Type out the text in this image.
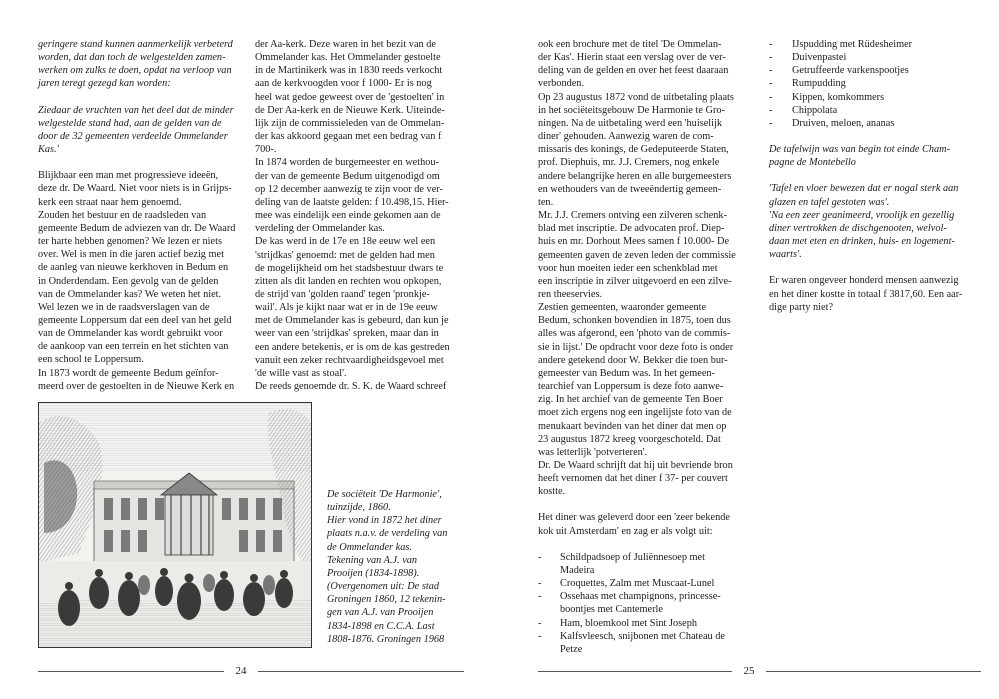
geringere stand kunnen aanmerkelijk verbeterd
worden, dat dan toch de welgestelden zamen-
werken om zulks te doen, opdat na verloop van
jaren teregt gezegd kan worden:
Ziedaar de vruchten van het deel dat de minder
welgestelde stand had, aan de gelden van de
door de 32 gemeenten verdeelde Ommelander
Kas.'
Blijkbaar een man met progressieve ideeën,
deze dr. De Waard. Niet voor niets is in Grijps-
kerk een straat naar hem genoemd.
Zouden het bestuur en de raadsleden van
gemeente Bedum de adviezen van dr. De Waard
ter harte hebben genomen? We lezen er niets
over. Wel is men in die jaren actief bezig met
de aanleg van nieuwe kerkhoven in Bedum en
in Onderdendam. Een gevolg van de gelden
van de Ommelander kas? We weten het niet.
Wel lezen we in de raadsverslagen van de
gemeente Loppersum dat een deel van het geld
van de Ommelander kas wordt gebruikt voor
de aankoop van een terrein en het stichten van
een school te Loppersum.
In 1873 wordt de gemeente Bedum geïnfor-
meerd over de gestoelten in de Nieuwe Kerk en
der Aa-kerk. Deze waren in het bezit van de
Ommelander kas. Het Ommelander gestoelte
in de Martinikerk was in 1830 reeds verkocht
aan de kerkvoogden voor f 1000- Er is nog
heel wat gedoe geweest over de 'gestoelten' in
de Der Aa-kerk en de Nieuwe Kerk. Uiteinde-
lijk zijn de commissieleden van de Ommelan-
der kas akkoord gegaan met een bedrag van f
700-.
In 1874 worden de burgemeester en wethou-
der van de gemeente Bedum uitgenodigd om
op 12 december aanwezig te zijn voor de ver-
deling van de laatste gelden: f 10.498,15. Hier-
mee was eindelijk een einde gekomen aan de
verdeling der Ommelander kas.
De kas werd in de 17e en 18e eeuw wel een
'strijdkas' genoemd: met de gelden had men
de mogelijkheid om het stadsbestuur dwars te
zitten als dit landen en rechten wou opkopen,
de strijd van 'golden raand' tegen 'pronkje-
wail'. Als je kijkt naar wat er in de 19e eeuw
met de Ommelander kas is gebeurd, dan kun je
weer van een 'strijdkas' spreken, maar dan in
een andere betekenis, er is om de kas gestreden
vanuit een zeker rechtvaardigheidsgevoel met
'de wille vast as stoal'.
De reeds genoemde dr. S. K. de Waard schreef
De sociëteit 'De Harmonie',
tuinzijde, 1860.
Hier vond in 1872 het diner
plaats n.a.v. de verdeling van
de Ommelander kas.
Tekening van A.J. van
Prooijen (1834-1898).
(Overgenomen uit: De stad
Groningen 1860, 12 tekenin-
gen van A.J. van Prooijen
1834-1898 en C.C.A. Last
1808-1876. Groningen 1968
24
ook een brochure met de titel 'De Ommelan-
der Kas'. Hierin staat een verslag over de ver-
deling van de gelden en over het feest daaraan
verbonden.
Op 23 augustus 1872 vond de uitbetaling plaats
in het sociëteitsgebouw De Harmonie te Gro-
ningen. Na de uitbetaling werd een 'huiselijk
diner' gehouden. Aanwezig waren de com-
missaris des konings, de Gedeputeerde Staten,
prof. Diephuis, mr. J.J. Cremers, nog enkele
andere belangrijke heren en alle burgemeesters
en wethouders van de tweeëndertig gemeen-
ten.
Mr. J.J. Cremers ontving een zilveren schenk-
blad met inscriptie. De advocaten prof. Diep-
huis en mr. Dorhout Mees samen f 10.000- De
gemeenten gaven de zeven leden der commissie
voor hun moeiten ieder een schenkblad met
een inscriptie in zilver uitgevoerd en een zilve-
ren theeservies.
Zestien gemeenten, waaronder gemeente
Bedum, schonken bovendien in 1875, toen dus
alles was afgerond, een 'photo van de commis-
sie in lijst.' De opdracht voor deze foto is onder
andere getekend door W. Bekker die toen bur-
gemeester van Bedum was. In het gemeen-
tearchief van Loppersum is deze foto aanwe-
zig. In het archief van de gemeente Ten Boer
moet zich ergens nog een ingelijste foto van de
menukaart bevinden van het diner dat men op
23 augustus 1872 kreeg voorgeschoteld. Dat
was letterlijk 'potverteren'.
Dr. De Waard schrijft dat hij uit bevriende bron
heeft vernomen dat het diner f 37- per couvert
kostte.
Het diner was geleverd door een 'zeer bekende
kok uit Amsterdam' en zag er als volgt uit:
-	Schildpadsoep of Juliënnesoep met
Madeira
-	Croquettes, Zalm met Muscaat-Lunel
-	Ossehaas met champignons, princesse-
boontjes met Cantemerle
-	Ham, bloemkool met Sint Joseph
-	Kalfsvleesch, snijbonen met Chateau de
Petze
-	IJspudding met Rüdesheimer
-	Duivenpastei
-	Getruffeerde varkenspootjes
-	Rumpudding
-	Kippen, komkommers
-	Chippolata
-	Druiven, meloen, ananas
De tafelwijn was van begin tot einde Cham-
pagne de Montebello
'Tafel en vloer bewezen dat er nogal sterk aan
glazen en tafel gestoten was'.
'Na een zeer geanimeerd, vroolijk en gezellig
diner vertrokken de dischgenooten, welvol-
daan met eten en drinken, huis- en logement-
waarts'.
Er waren ongeveer honderd mensen aanwezig
en het diner kostte in totaal f 3817,60. Een aar-
dige party niet?
25
